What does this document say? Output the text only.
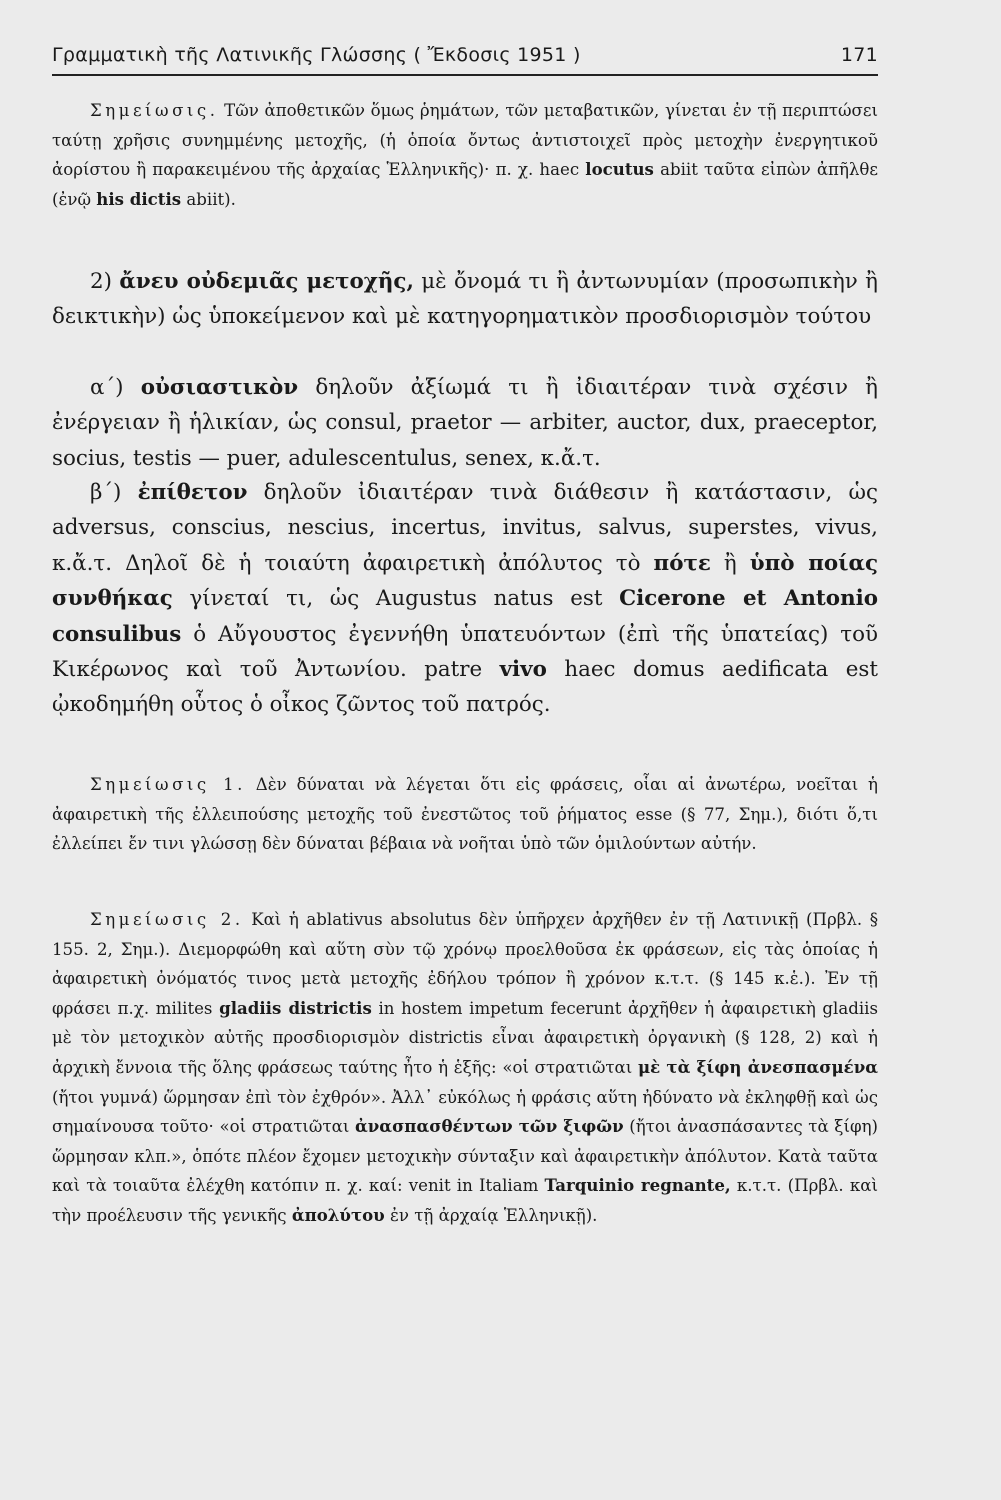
Γραμματικὴ τῆς Λατινικῆς Γλώσσης ( Ἔκδοσις 1951 )	171

Σημείωσις. Τῶν ἀποθετικῶν ὅμως ῥημάτων, τῶν μεταβατικῶν, γίνεται ἐν τῇ περιπτώσει ταύτῃ χρῆσις συνημμένης μετοχῆς, (ἡ ὁποία ὄντως ἀντιστοιχεῖ πρὸς μετοχὴν ἐνεργητικοῦ ἀορίστου ἢ παρακειμένου τῆς ἀρχαίας Ἑλληνικῆς)· π. χ. haec locutus abiit ταῦτα εἰπὼν ἀπῆλθε (ἐνῷ his dictis abiit).

2) ἄνευ οὐδεμιᾶς μετοχῆς, μὲ ὄνομά τι ἢ ἀντωνυμίαν (προσωπικὴν ἢ δεικτικὴν) ὡς ὑποκείμενον καὶ μὲ κατηγορηματικὸν προσδιορισμὸν τούτου

α΄) οὐσιαστικὸν δηλοῦν ἀξίωμά τι ἢ ἰδιαιτέραν τινὰ σχέσιν ἢ ἐνέργειαν ἢ ἡλικίαν, ὡς consul, praetor — arbiter, auctor, dux, praeceptor, socius, testis — puer, adulescentulus, senex, κ.ἄ.τ.

β΄) ἐπίθετον δηλοῦν ἰδιαιτέραν τινὰ διάθεσιν ἢ κατάστασιν, ὡς adversus, conscius, nescius, incertus, invitus, salvus, superstes, vivus, κ.ἄ.τ. Δηλοῖ δὲ ἡ τοιαύτη ἀφαιρετικὴ ἀπόλυτος τὸ πότε ἢ ὑπὸ ποίας συνθήκας γίνεταί τι, ὡς Augustus natus est Cicerone et Antonio consulibus ὁ Αὔγουστος ἐγεννήθη ὑπατευόντων (ἐπὶ τῆς ὑπατείας) τοῦ Κικέρωνος καὶ τοῦ Ἀντωνίου. patre vivo haec domus aedificata est ᾠκοδημήθη οὗτος ὁ οἶκος ζῶντος τοῦ πατρός.

Σημείωσις 1. Δὲν δύναται νὰ λέγεται ὅτι εἰς φράσεις, οἷαι αἱ ἀνωτέρω, νοεῖται ἡ ἀφαιρετικὴ τῆς ἐλλειπούσης μετοχῆς τοῦ ἐνεστῶτος τοῦ ῥήματος esse (§ 77, Σημ.), διότι ὅ,τι ἐλλείπει ἔν τινι γλώσσῃ δὲν δύναται βέβαια νὰ νοῆται ὑπὸ τῶν ὁμιλούντων αὐτήν.

Σημείωσις 2. Καὶ ἡ ablativus absolutus δὲν ὑπῆρχεν ἀρχῆθεν ἐν τῇ Λατινικῇ (Πρβλ. § 155. 2, Σημ.). Διεμορφώθη καὶ αὕτη σὺν τῷ χρόνῳ προελθοῦσα ἐκ φράσεων, εἰς τὰς ὁποίας ἡ ἀφαιρετικὴ ὀνόματός τινος μετὰ μετοχῆς ἐδήλου τρόπον ἢ χρόνον κ.τ.τ. (§ 145 κ.ἑ.). Ἐν τῇ φράσει π.χ. milites gladiis districtis in hostem impetum fecerunt ἀρχῆθεν ἡ ἀφαιρετικὴ gladiis μὲ τὸν μετοχικὸν αὐτῆς προσδιορισμὸν districtis εἶναι ἀφαιρετικὴ ὀργανικὴ (§ 128, 2) καὶ ἡ ἀρχικὴ ἔννοια τῆς ὅλης φράσεως ταύτης ἦτο ἡ ἑξῆς: «οἱ στρατιῶται μὲ τὰ ξίφη ἀνεσπασμένα (ἤτοι γυμνά) ὥρμησαν ἐπὶ τὸν ἐχθρόν». Ἀλλ᾽ εὐκόλως ἡ φράσις αὕτη ἠδύνατο νὰ ἐκληφθῇ καὶ ὡς σημαίνουσα τοῦτο· «οἱ στρατιῶται ἀνασπασθέντων τῶν ξιφῶν (ἤτοι ἀνασπάσαντες τὰ ξίφη) ὥρμησαν κλπ.», ὁπότε πλέον ἔχομεν μετοχικὴν σύνταξιν καὶ ἀφαιρετικὴν ἀπόλυτον. Κατὰ ταῦτα καὶ τὰ τοιαῦτα ἐλέχθη κατόπιν π. χ. καί: venit in Italiam Tarquinio regnante, κ.τ.τ. (Πρβλ. καὶ τὴν προέλευσιν τῆς γενικῆς ἀπολύτου ἐν τῇ ἀρχαίᾳ Ἑλληνικῇ).
